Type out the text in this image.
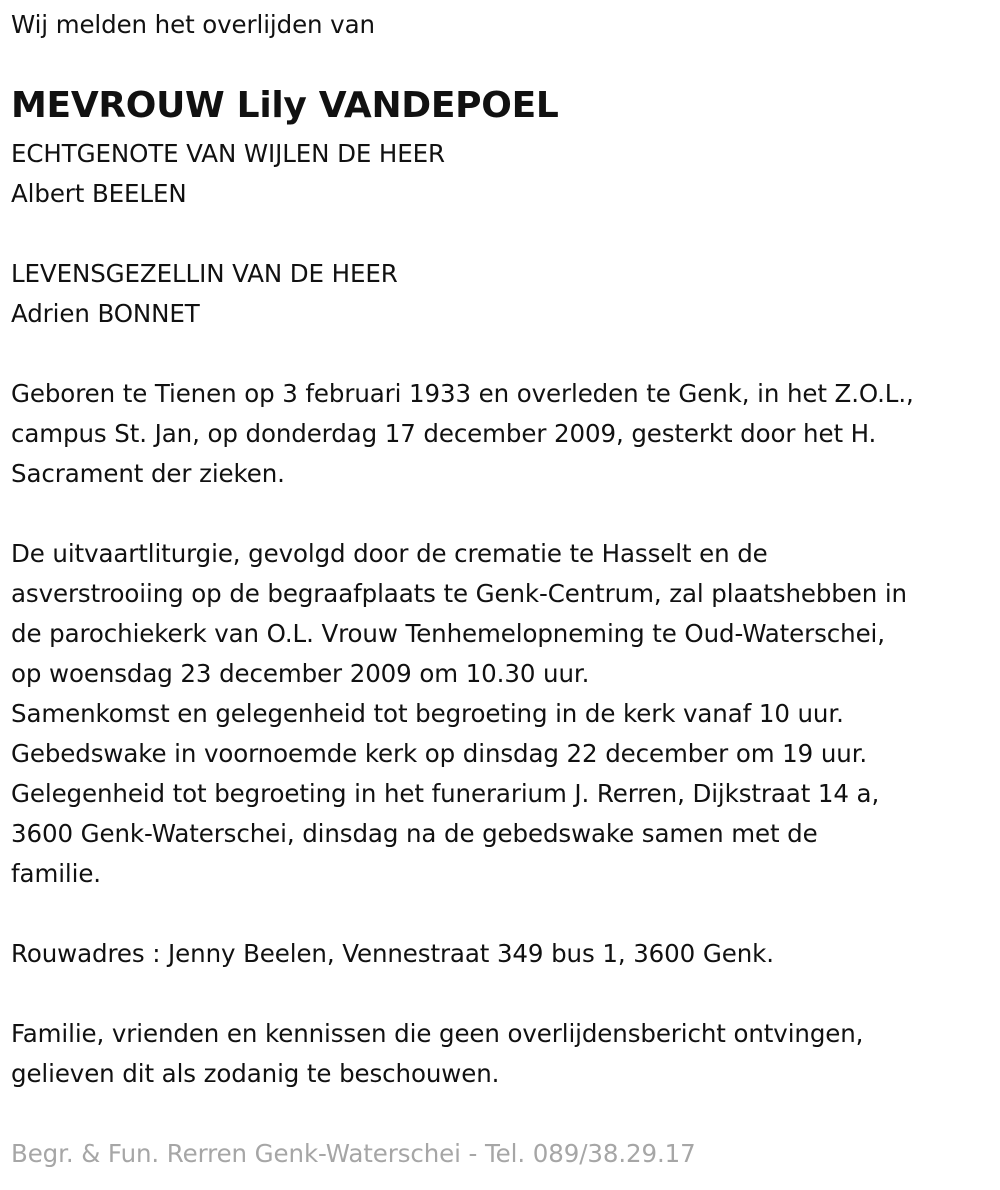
Wij melden het overlijden van
MEVROUW Lily VANDEPOEL
ECHTGENOTE VAN WIJLEN DE HEER
Albert BEELEN
LEVENSGEZELLIN VAN DE HEER
Adrien BONNET
Geboren te Tienen op 3 februari 1933 en overleden te Genk, in het Z.O.L.,
campus St. Jan, op donderdag 17 december 2009, gesterkt door het H.
Sacrament der zieken.
De uitvaartliturgie, gevolgd door de crematie te Hasselt en de
asverstrooiing op de begraafplaats te Genk-Centrum, zal plaatshebben in
de parochiekerk van O.L. Vrouw Tenhemelopneming te Oud-Waterschei,
op woensdag 23 december 2009 om 10.30 uur.
Samenkomst en gelegenheid tot begroeting in de kerk vanaf 10 uur.
Gebedswake in voornoemde kerk op dinsdag 22 december om 19 uur.
Gelegenheid tot begroeting in het funerarium J. Rerren, Dijkstraat 14 a,
3600 Genk-Waterschei, dinsdag na de gebedswake samen met de
familie.
Rouwadres : Jenny Beelen, Vennestraat 349 bus 1, 3600 Genk.
Familie, vrienden en kennissen die geen overlijdensbericht ontvingen,
gelieven dit als zodanig te beschouwen.
Begr. & Fun. Rerren Genk-Waterschei - Tel. 089/38.29.17
